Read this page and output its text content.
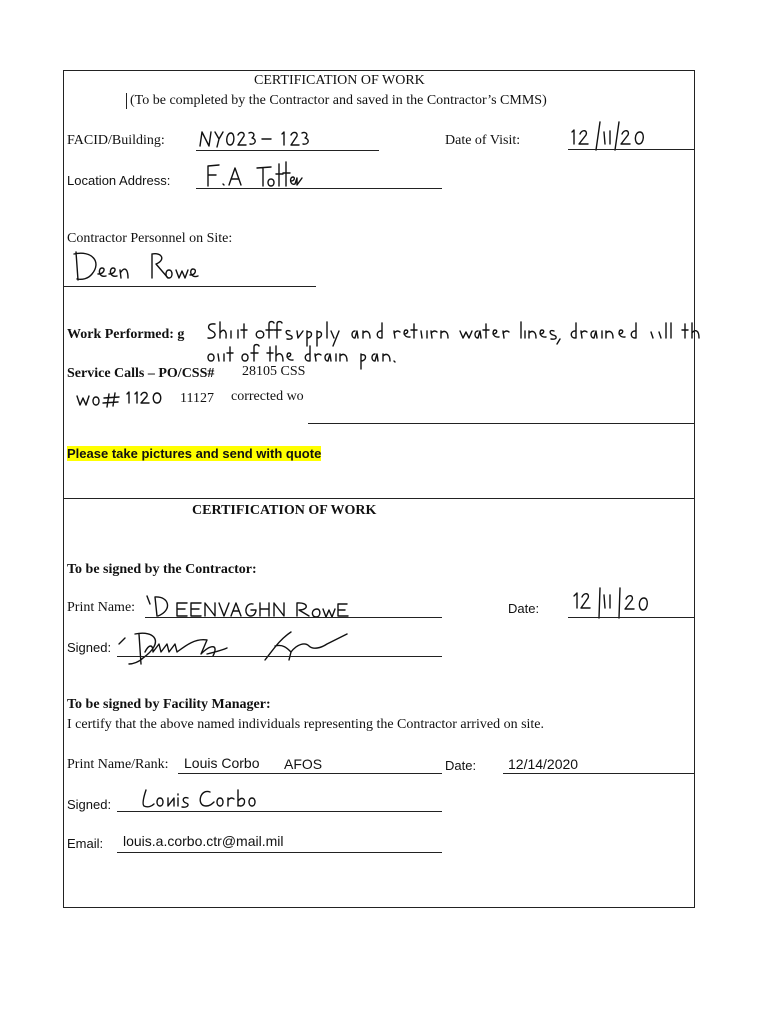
CERTIFICATION OF WORK
(To be completed by the Contractor and saved in the Contractor’s CMMS)
FACID/Building:	Date of Visit:
Location Address:
Contractor Personnel on Site:
Work Performed: g
Service Calls – PO/CSS# 28105 CSS
11127 corrected wo
Please take pictures and send with quote
CERTIFICATION OF WORK
To be signed by the Contractor:
Print Name:	Date:
Signed:
To be signed by Facility Manager:
I certify that the above named individuals representing the Contractor arrived on site.
Print Name/Rank: Louis Corbo AFOS	Date: 12/14/2020
Signed:
Email: louis.a.corbo.ctr@mail.mil
